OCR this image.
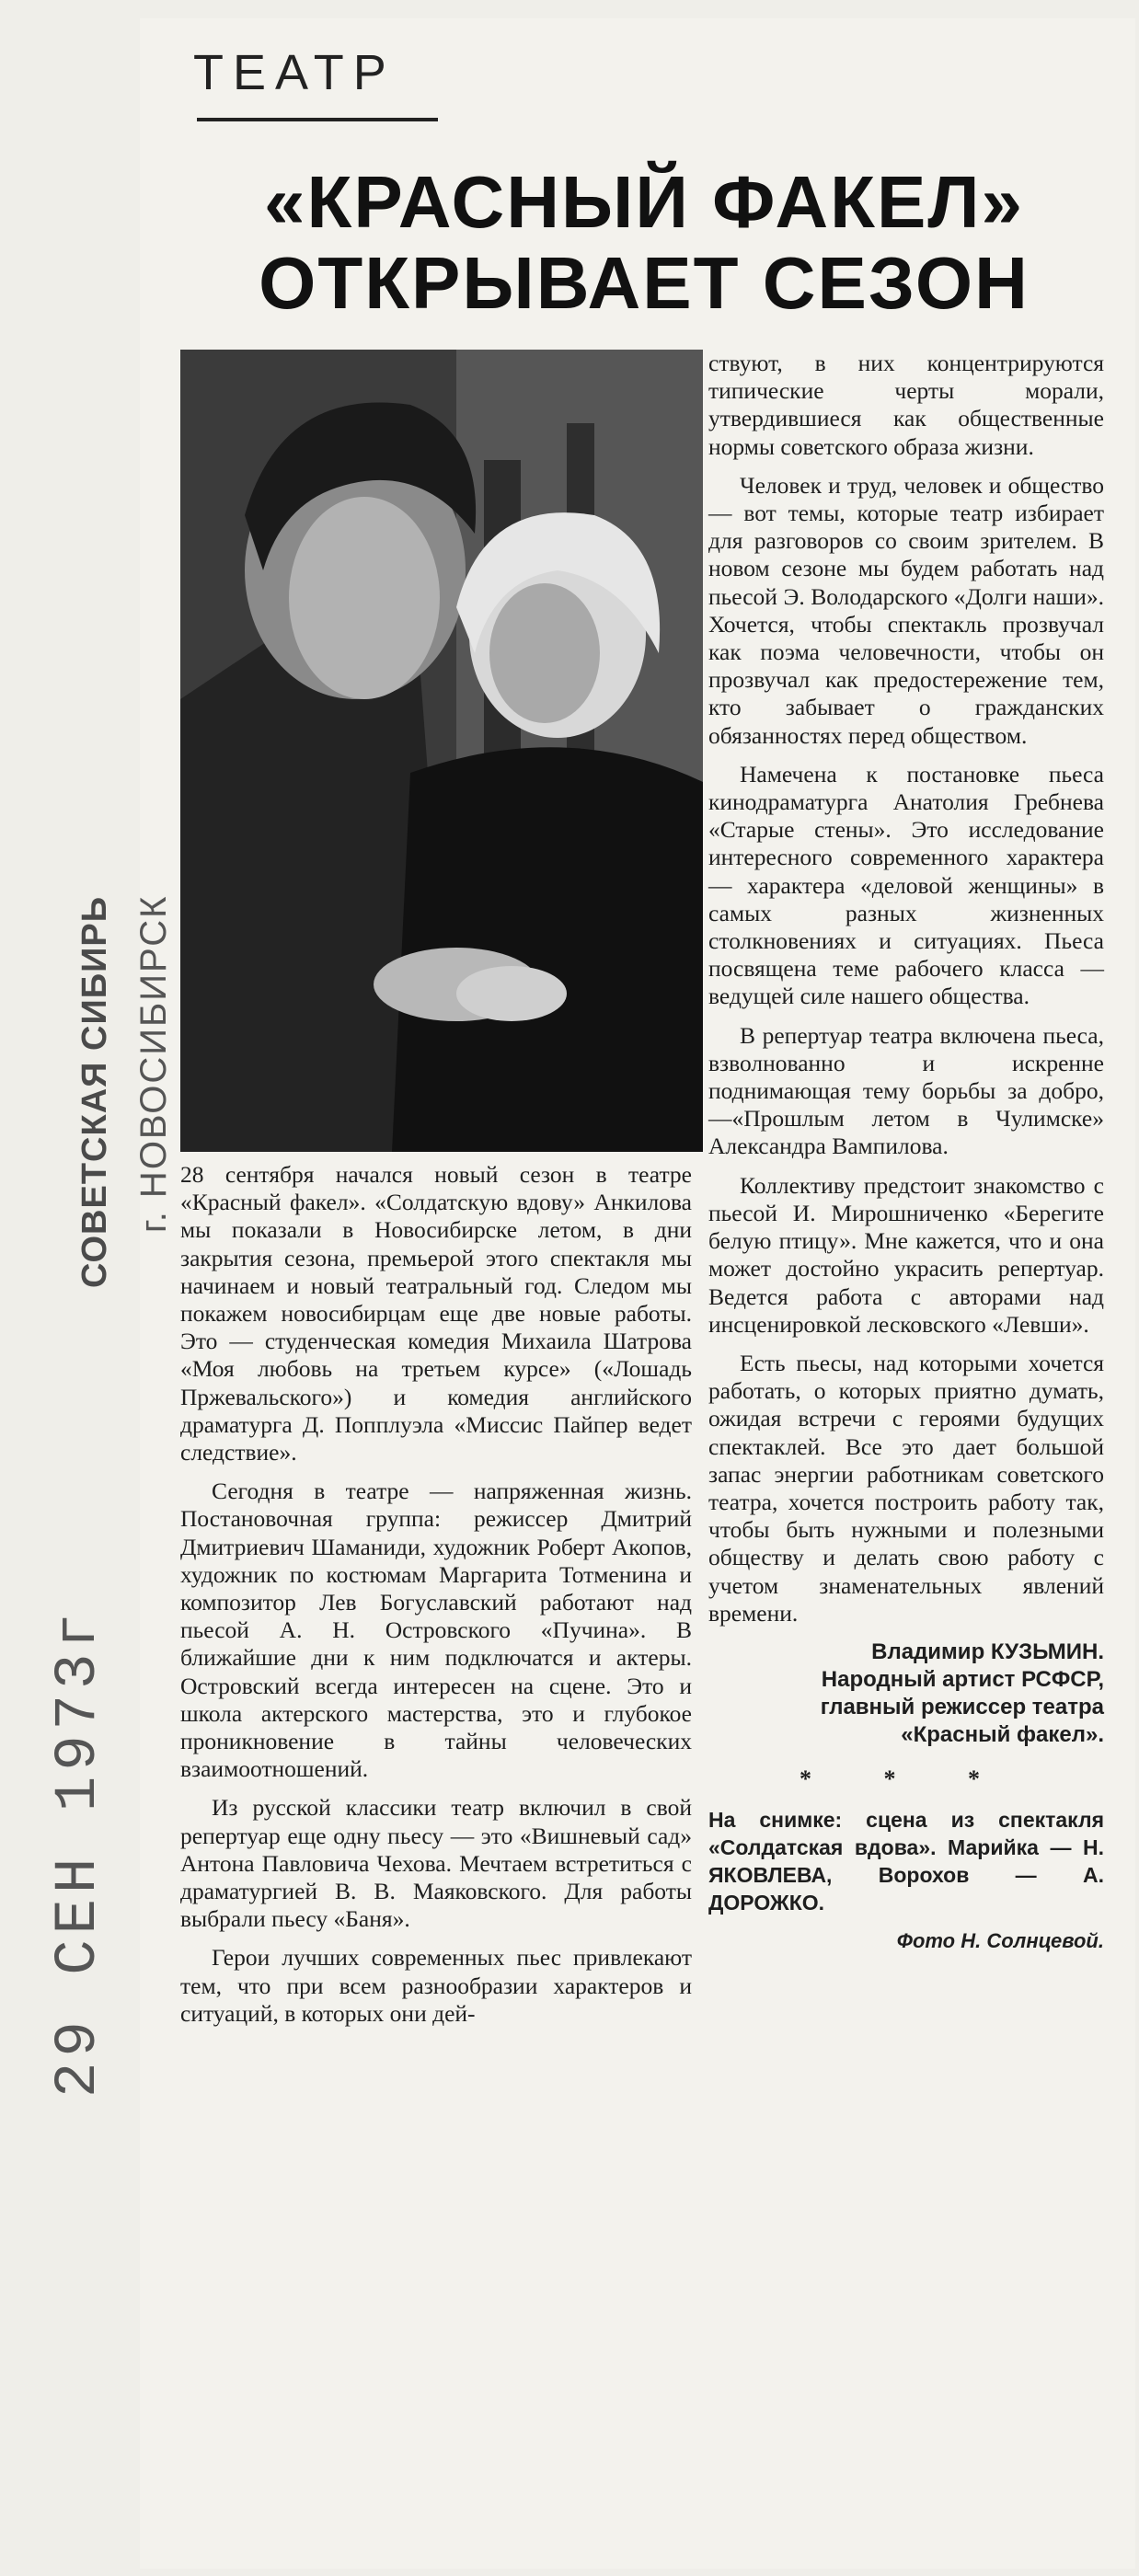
ТЕАТР
«КРАСНЫЙ ФАКЕЛ»
ОТКРЫВАЕТ СЕЗОН

28 сентября начался новый сезон в театре «Красный факел». «Солдатскую вдову» Анкилова мы показали в Новосибирске летом, в дни закрытия сезона, премьерой этого спектакля мы начинаем и новый театральный год. Следом мы покажем новосибирцам еще две новые работы. Это — студенческая комедия Михаила Шатрова «Моя любовь на третьем курсе» («Лошадь Пржевальского») и комедия английского драматурга Д. Попплуэла «Миссис Пайпер ведет следствие».

Сегодня в театре — напряженная жизнь. Постановочная группа: режиссер Дмитрий Дмитриевич Шаманиди, художник Роберт Акопов, художник по костюмам Маргарита Тотменина и композитор Лев Богуславский работают над пьесой А. Н. Островского «Пучина». В ближайшие дни к ним подключатся и актеры. Островский всегда интересен на сцене. Это и школа актерского мастерства, это и глубокое проникновение в тайны человеческих взаимоотношений.

Из русской классики театр включил в свой репертуар еще одну пьесу — это «Вишневый сад» Антона Павловича Чехова. Мечтаем встретиться с драматургией В. В. Маяковского. Для работы выбрали пьесу «Баня».

Герои лучших современных пьес привлекают тем, что при всем разнообразии характеров и ситуаций, в которых они дей-

ствуют, в них концентрируются типические черты морали, утвердившиеся как общественные нормы советского образа жизни.

Человек и труд, человек и общество — вот темы, которые театр избирает для разговоров со своим зрителем. В новом сезоне мы будем работать над пьесой Э. Володарского «Долги наши». Хочется, чтобы спектакль прозвучал как поэма человечности, чтобы он прозвучал как предостережение тем, кто забывает о гражданских обязанностях перед обществом.

Намечена к постановке пьеса кинодраматурга Анатолия Гребнева «Старые стены». Это исследование интересного современного характера — характера «деловой женщины» в самых разных жизненных столкновениях и ситуациях. Пьеса посвящена теме рабочего класса — ведущей силе нашего общества.

В репертуар театра включена пьеса, взволнованно и искренне поднимающая тему борьбы за добро,—«Прошлым летом в Чулимске» Александра Вампилова.

Коллективу предстоит знакомство с пьесой И. Мирошниченко «Берегите белую птицу». Мне кажется, что и она может достойно украсить репертуар. Ведется работа с авторами над инсценировкой лесковского «Левши».

Есть пьесы, над которыми хочется работать, о которых приятно думать, ожидая встречи с героями будущих спектаклей. Все это дает большой запас энергии работникам советского театра, хочется построить работу так, чтобы быть нужными и полезными обществу и делать свою работу с учетом знаменательных явлений времени.

Владимир КУЗЬМИН.
Народный артист РСФСР,
главный режиссер театра
«Красный факел».
* * *
На снимке: сцена из спектакля «Солдатская вдова». Марийка — Н. ЯКОВЛЕВА, Ворохов — А. ДОРОЖКО.
Фото Н. Солнцевой.
СОВЕТСКАЯ СИБИРЬ г. НОВОСИБИРСК
29 СЕН 1973г
